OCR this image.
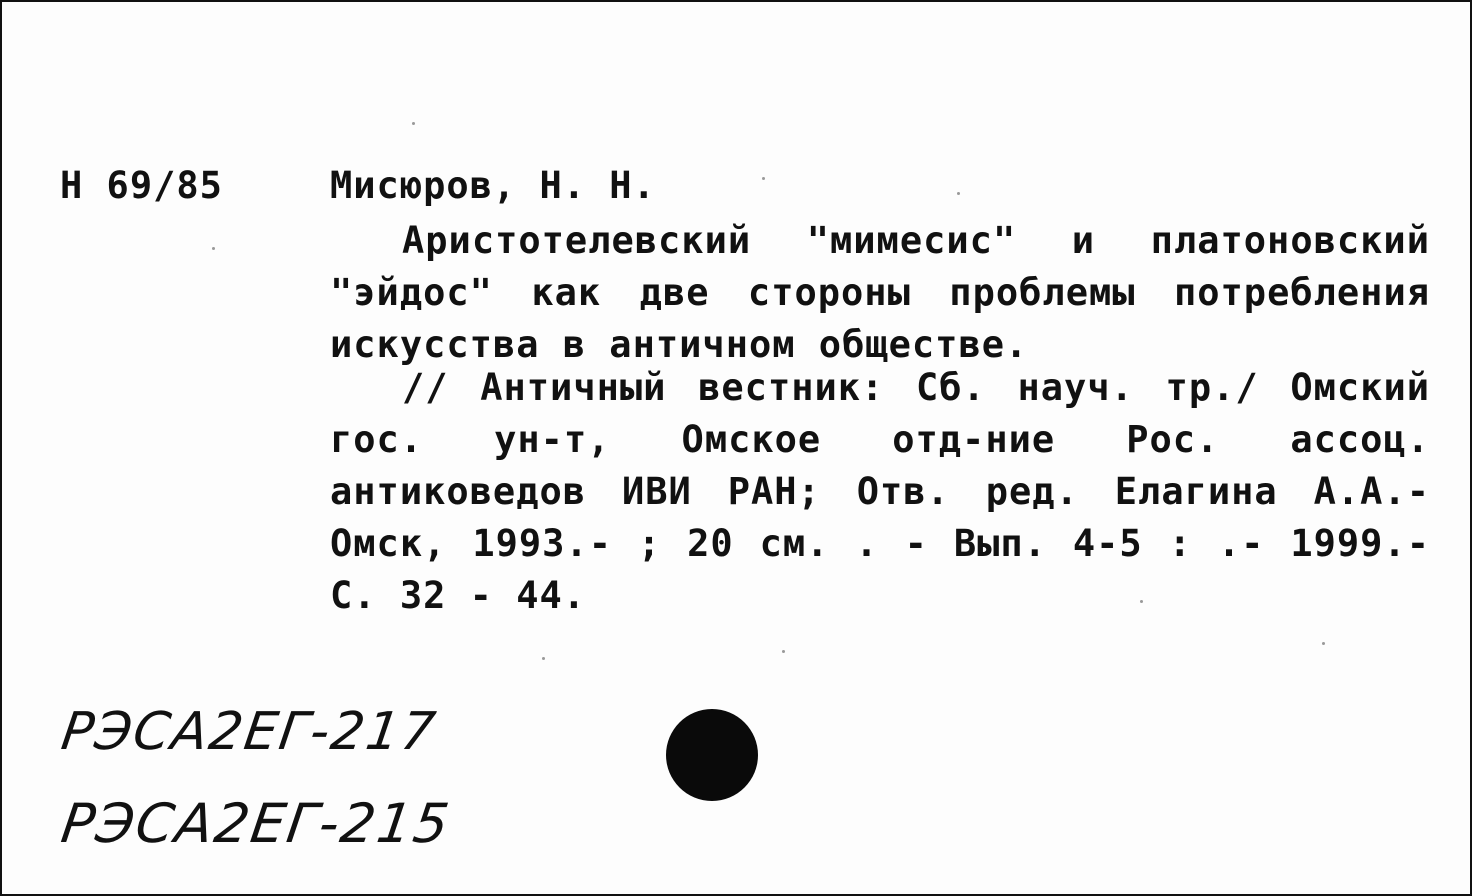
Н 69/85	Мисюров, Н. Н.
Аристотелевский "мимесис" и платоновский "эйдос" как две стороны проблемы потребления искусства в античном обществе.
// Античный вестник: Сб. науч. тр./ Омский гос. ун-т, Омское отд-ние Рос. ассоц. антиковедов ИВИ РАН; Отв. ред. Елагина А.А.- Омск, 1993.- ; 20 см. . - Вып. 4-5 : .- 1999.-С. 32 - 44.
РЭСА2ЕГ-217
РЭСА2ЕГ-215
